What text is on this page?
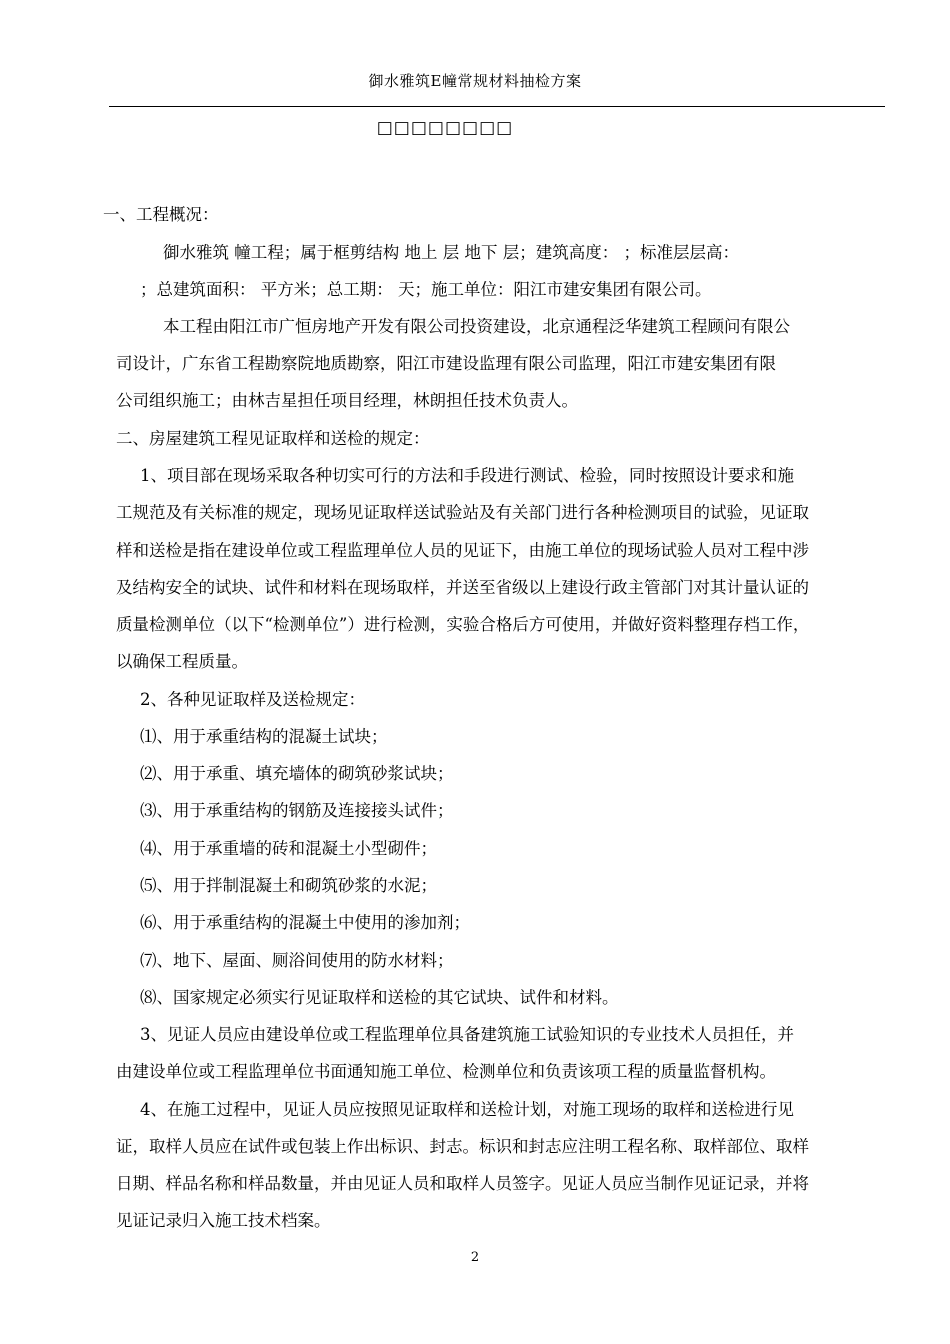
御水雅筑E幢常规材料抽检方案
□□□□□□□□
一、工程概况：
御水雅筑 幢工程；属于框剪结构 地上 层 地下 层；建筑高度： ；标准层层高：
；总建筑面积： 平方米；总工期： 天；施工单位：阳江市建安集团有限公司。
本工程由阳江市广恒房地产开发有限公司投资建设，北京通程泛华建筑工程顾问有限公
司设计，广东省工程勘察院地质勘察，阳江市建设监理有限公司监理，阳江市建安集团有限
公司组织施工；由林吉星担任项目经理，林朗担任技术负责人。
二、房屋建筑工程见证取样和送检的规定：
1、项目部在现场采取各种切实可行的方法和手段进行测试、检验，同时按照设计要求和施
工规范及有关标准的规定，现场见证取样送试验站及有关部门进行各种检测项目的试验，见证取
样和送检是指在建设单位或工程监理单位人员的见证下，由施工单位的现场试验人员对工程中涉
及结构安全的试块、试件和材料在现场取样，并送至省级以上建设行政主管部门对其计量认证的
质量检测单位（以下“检测单位”）进行检测，实验合格后方可使用，并做好资料整理存档工作，
以确保工程质量。
2、各种见证取样及送检规定：
⑴、用于承重结构的混凝土试块；
⑵、用于承重、填充墙体的砌筑砂浆试块；
⑶、用于承重结构的钢筋及连接接头试件；
⑷、用于承重墙的砖和混凝土小型砌件；
⑸、用于拌制混凝土和砌筑砂浆的水泥；
⑹、用于承重结构的混凝土中使用的渗加剂；
⑺、地下、屋面、厕浴间使用的防水材料；
⑻、国家规定必须实行见证取样和送检的其它试块、试件和材料。
3、见证人员应由建设单位或工程监理单位具备建筑施工试验知识的专业技术人员担任，并
由建设单位或工程监理单位书面通知施工单位、检测单位和负责该项工程的质量监督机构。
4、在施工过程中，见证人员应按照见证取样和送检计划，对施工现场的取样和送检进行见
证，取样人员应在试件或包装上作出标识、封志。标识和封志应注明工程名称、取样部位、取样
日期、样品名称和样品数量，并由见证人员和取样人员签字。见证人员应当制作见证记录，并将
见证记录归入施工技术档案。
2
